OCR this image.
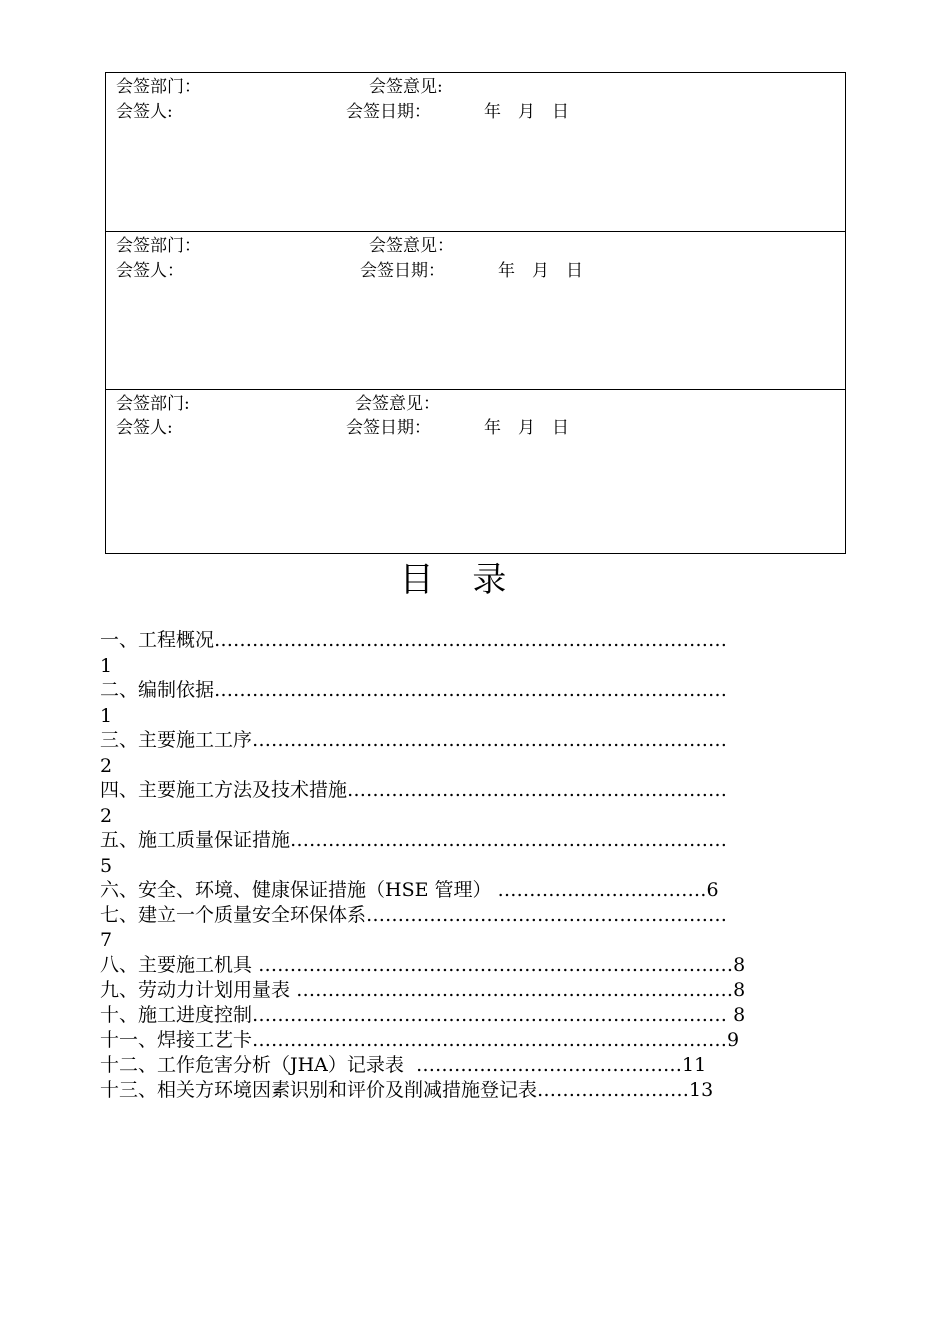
会签部门：	会签意见:
会签人:	会签日期：	年　月　日
会签部门：	会签意见：
会签人：	会签日期：	年　月　日
会签部门:	会签意见：
会签人:	会签日期：	年　月　日
目 录
一、工程概况………………………………………………………………………
1
二、编制依据………………………………………………………………………
1
三、主要施工工序…………………………………………………………………
2
四、主要施工方法及技术措施……………………………………………………
2
五、施工质量保证措施……………………………………………………………
5
六、安全、环境、健康保证措施（HSE 管理） ……………………………6
七、建立一个质量安全环保体系…………………………………………………
7
八、主要施工机具 …………………………………………………………………8
九、劳动力计划用量表 ……………………………………………………………8
十、施工进度控制………………………………………………………………… 8
十一、焊接工艺卡…………………………………………………………………9
十二、工作危害分析（JHA）记录表 ……………………………………11
十三、相关方环境因素识别和评价及削减措施登记表……………………13
